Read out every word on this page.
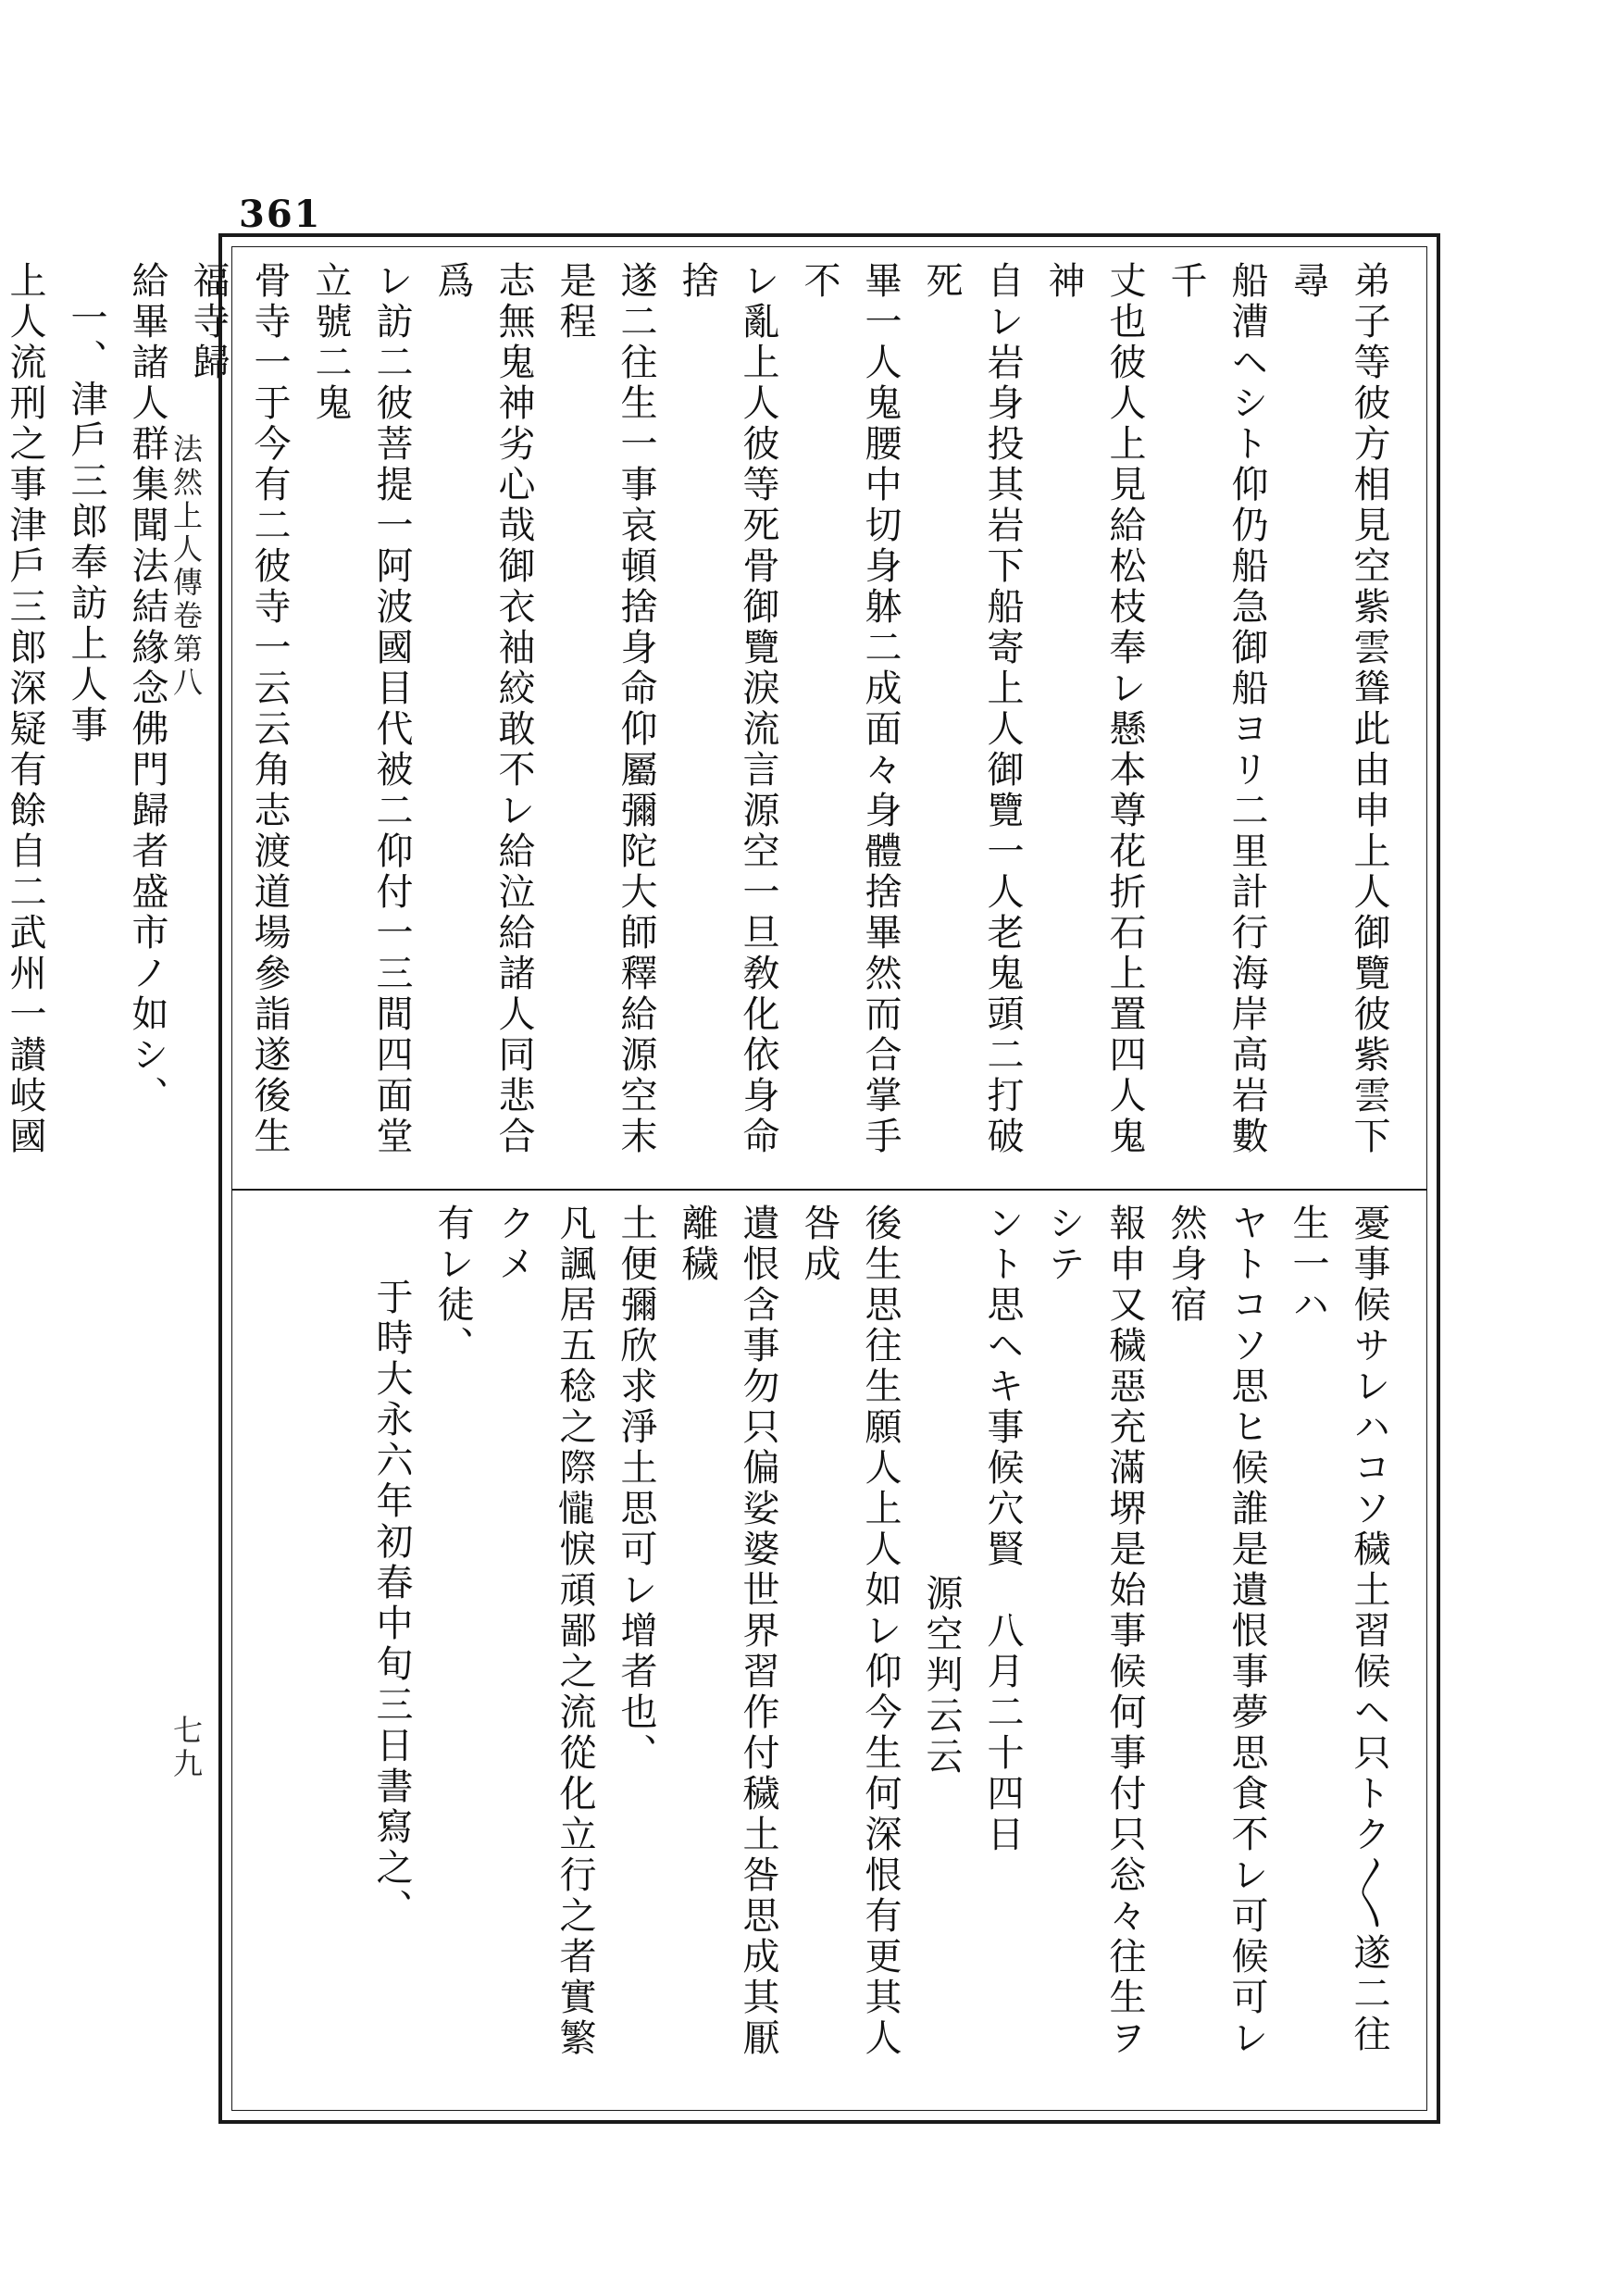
361
法然上人傳卷第八
七九

弟子等彼方相見空紫雲聳此由申上人御覽彼紫雲下尋

船漕ヘシト仰仍船急御船ヨリ二里計行海岸高岩數千

丈也彼人上見給松枝奉レ懸本尊花折石上置四人鬼神

自レ岩身投其岩下船寄上人御覽一人老鬼頭二打破死

畢一人鬼腰中切身躰二成面々身體捨畢然而合掌手不

レ亂上人彼等死骨御覽淚流言源空一旦敎化依身命捨

遂二往生一事哀頓捨身命仰屬彌陀大師釋給源空末是程

志無鬼神劣心哉御衣袖絞敢不レ給泣給諸人同悲合爲

レ訪二彼菩提一阿波國目代被二仰付一三間四面堂立號二鬼

骨寺一于今有二彼寺一云云角志渡道場參詣遂後生福寺歸

給畢諸人群集聞法結緣念佛門歸者盛市ノ如シ、

一、津戶三郎奉訪上人事

上人流刑之事津戶三郎深疑有餘自二武州一讃岐國

憂事候サレハコソ穢土習候ヘ只トク〳〵遂二往生一ハ

ヤトコソ思ヒ候誰是遺恨事夢思食不レ可候可レ然身宿

報申又穢惡充滿堺是始事候何事付只忩々往生ヲシテ

ント思ヘキ事候穴賢　八月二十四日

源空判云云

後生思往生願人上人如レ仰今生何深恨有更其人咎成

遺恨含事勿只偏娑婆世界習作付穢土咎思成其厭離穢

土便彌欣求淨土思可レ增者也、

凡諷居五稔之際𢤱悷頑鄙之流從化立行之者實繁クメ

有レ徒、

于時大永六年初春中旬三日書寫之、
